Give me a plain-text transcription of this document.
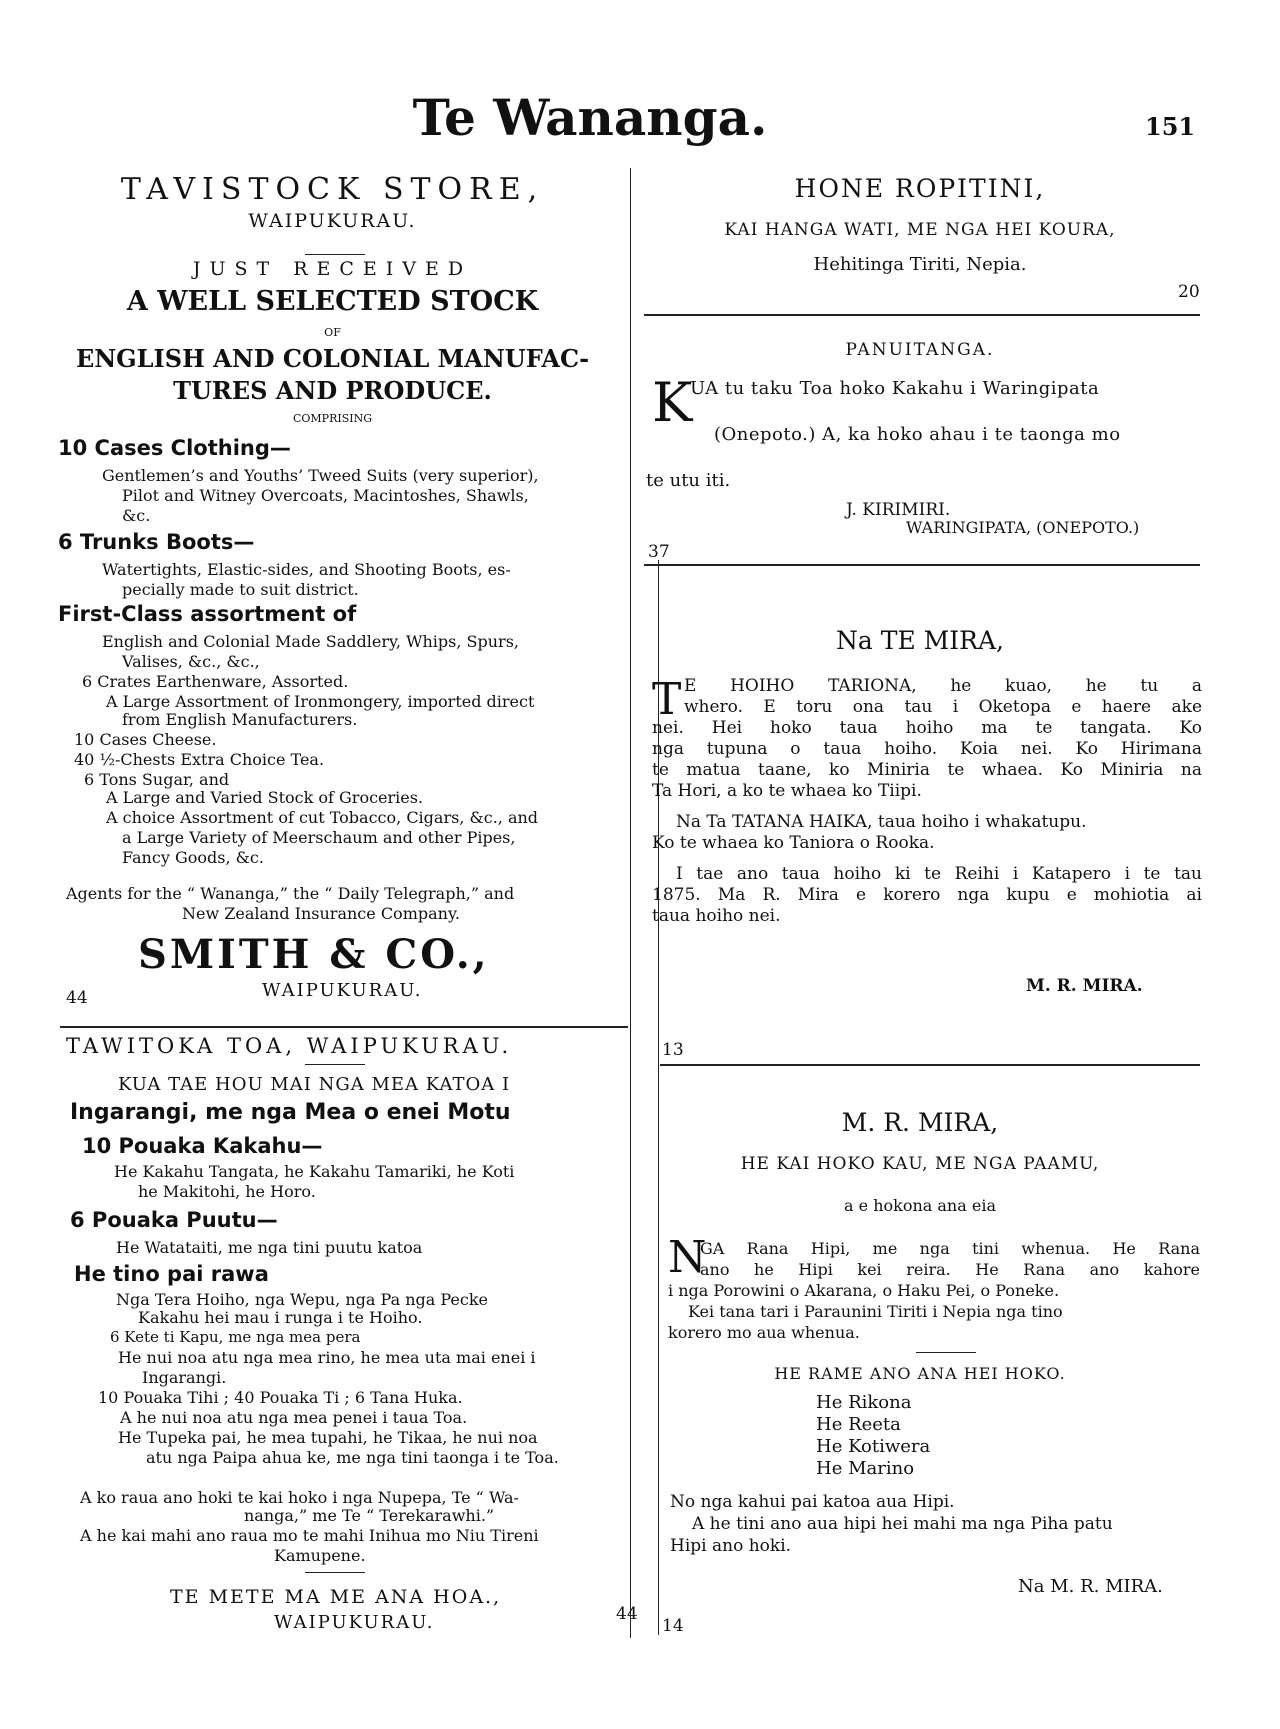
Te Wananga.	151
TAVISTOCK STORE,
WAIPUKURAU.
JUST RECEIVED
A WELL SELECTED STOCK
OF
ENGLISH AND COLONIAL MANUFAC-
TURES AND PRODUCE.
COMPRISING
10 Cases Clothing—
Gentlemen’s and Youths’ Tweed Suits (very superior),
Pilot and Witney Overcoats, Macintoshes, Shawls,
&c.
6 Trunks Boots—
Watertights, Elastic-sides, and Shooting Boots, es-
pecially made to suit district.
First-Class assortment of
English and Colonial Made Saddlery, Whips, Spurs,
Valises, &c., &c.,
6 Crates Earthenware, Assorted.
A Large Assortment of Ironmongery, imported direct
from English Manufacturers.
10 Cases Cheese.
40 ½-Chests Extra Choice Tea.
6 Tons Sugar, and
A Large and Varied Stock of Groceries.
A choice Assortment of cut Tobacco, Cigars, &c., and
a Large Variety of Meerschaum and other Pipes,
Fancy Goods, &c.
Agents for the “ Wananga,” the “ Daily Telegraph,” and
New Zealand Insurance Company.
SMITH & CO.,
WAIPUKURAU.
44
TAWITOKA TOA, WAIPUKURAU.
KUA TAE HOU MAI NGA MEA KATOA I
Ingarangi, me nga Mea o enei Motu
10 Pouaka Kakahu—
He Kakahu Tangata, he Kakahu Tamariki, he Koti
he Makitohi, he Horo.
6 Pouaka Puutu—
He Watataiti, me nga tini puutu katoa
He tino pai rawa
Nga Tera Hoiho, nga Wepu, nga Pa nga Pecke
Kakahu hei mau i runga i te Hoiho.
6 Kete ti Kapu, me nga mea pera
He nui noa atu nga mea rino, he mea uta mai enei i
Ingarangi.
10 Pouaka Tihi ; 40 Pouaka Ti ; 6 Tana Huka.
A he nui noa atu nga mea penei i taua Toa.
He Tupeka pai, he mea tupahi, he Tikaa, he nui noa
atu nga Paipa ahua ke, me nga tini taonga i te Toa.
A ko raua ano hoki te kai hoko i nga Nupepa, Te “ Wa-
nanga,” me Te “ Terekarawhi.”
A he kai mahi ano raua mo te mahi Inihua mo Niu Tireni
Kamupene.
TE METE MA ME ANA HOA.,
WAIPUKURAU.	44
HONE ROPITINI,
KAI HANGA WATI, ME NGA HEI KOURA,
Hehitinga Tiriti, Nepia.
20
PANUITANGA.
K
UA tu taku Toa hoko Kakahu i Waringipata
(Onepoto.) A, ka hoko ahau i te taonga mo
te utu iti.
J. KIRIMIRI.
WARINGIPATA, (ONEPOTO.)
37
Na TE MIRA,
T E HOIHO TARIONA, he kuao, he tu a
whero. E toru ona tau i Oketopa e haere ake
nei. Hei hoko taua hoiho ma te tangata. Ko
nga tupuna o taua hoiho. Koia nei. Ko Hirimana
te matua taane, ko Miniria te whaea. Ko Miniria na
Ta Hori, a ko te whaea ko Tiipi.
Na Ta TATANA HAIKA, taua hoiho i whakatupu.
Ko te whaea ko Taniora o Rooka.
I tae ano taua hoiho ki te Reihi i Katapero i te tau
1875. Ma R. Mira e korero nga kupu e mohiotia ai
taua hoiho nei.
M. R. MIRA.
13
M. R. MIRA,
HE KAI HOKO KAU, ME NGA PAAMU,
a e hokona ana eia
N
GA Rana Hipi, me nga tini whenua. He Rana
ano he Hipi kei reira. He Rana ano kahore
i nga Porowini o Akarana, o Haku Pei, o Poneke.
Kei tana tari i Paraunini Tiriti i Nepia nga tino
korero mo aua whenua.
HE RAME ANO ANA HEI HOKO.
He Rikona
He Reeta
He Kotiwera
He Marino
No nga kahui pai katoa aua Hipi.
A he tini ano aua hipi hei mahi ma nga Piha patu
Hipi ano hoki.
Na M. R. MIRA.
14
